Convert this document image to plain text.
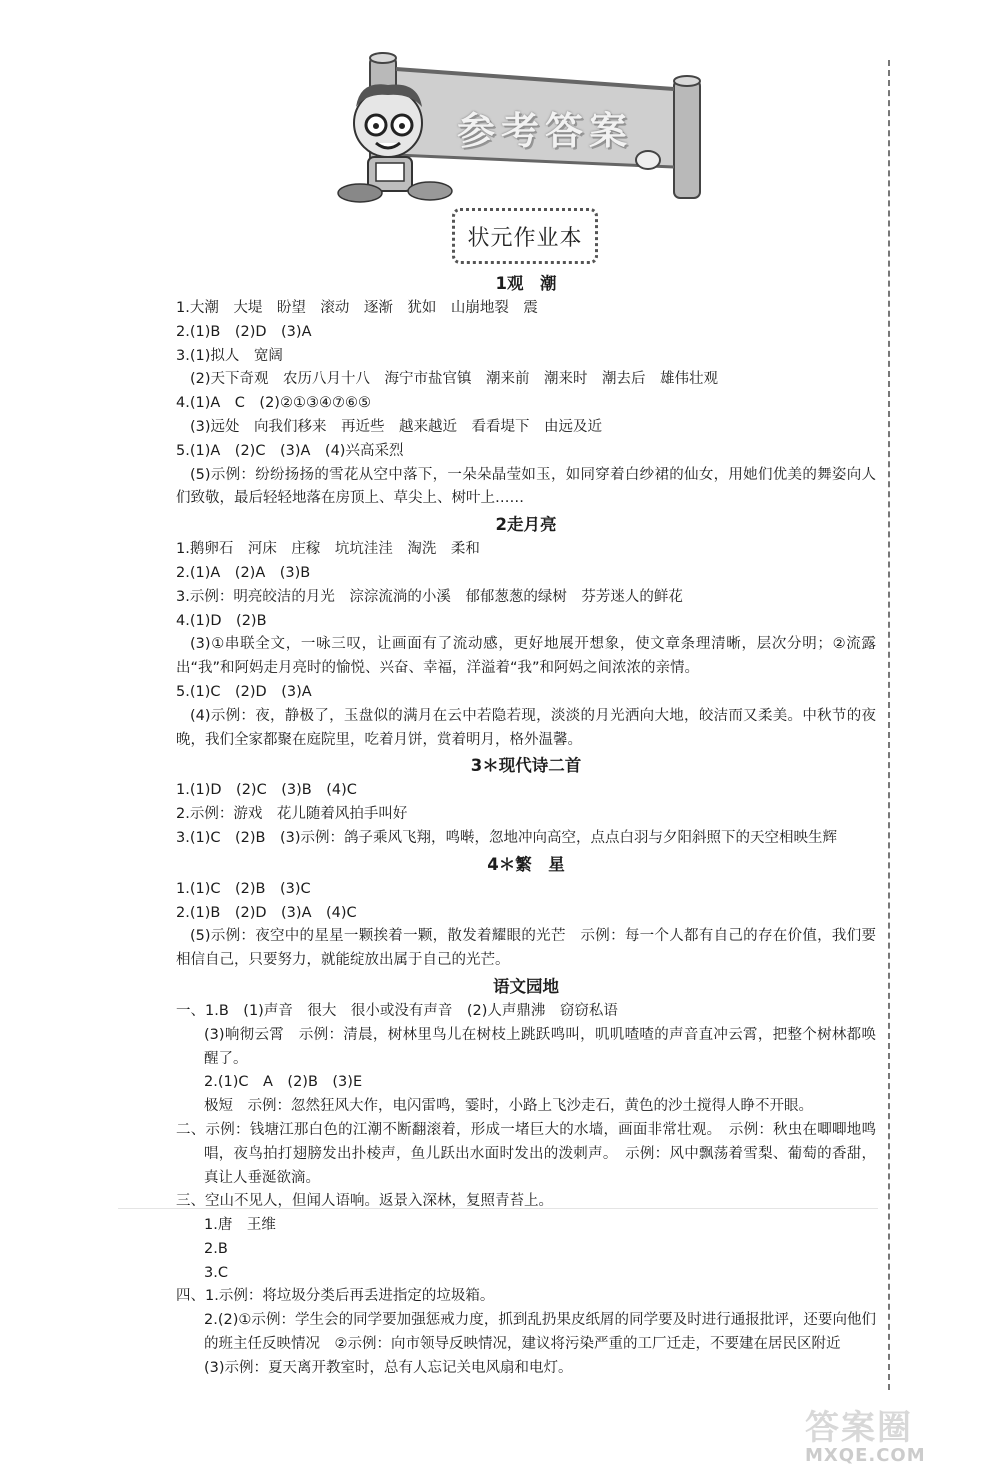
参考答案
状元作业本
1观　潮
1.大潮　大堤　盼望　滚动　逐渐　犹如　山崩地裂　震
2.(1)B　(2)D　(3)A
3.(1)拟人　宽阔
(2)天下奇观　农历八月十八　海宁市盐官镇　潮来前　潮来时　潮去后　雄伟壮观
4.(1)A　C　(2)②①③④⑦⑥⑤
(3)远处　向我们移来　再近些　越来越近　看看堤下　由远及近
5.(1)A　(2)C　(3)A　(4)兴高采烈
(5)示例：纷纷扬扬的雪花从空中落下，一朵朵晶莹如玉，如同穿着白纱裙的仙女，用她们优美的舞姿向人们致敬，最后轻轻地落在房顶上、草尖上、树叶上……
2走月亮
1.鹅卵石　河床　庄稼　坑坑洼洼　淘洗　柔和
2.(1)A　(2)A　(3)B
3.示例：明亮皎洁的月光　淙淙流淌的小溪　郁郁葱葱的绿树　芬芳迷人的鲜花
4.(1)D　(2)B
(3)①串联全文，一咏三叹，让画面有了流动感，更好地展开想象，使文章条理清晰，层次分明；②流露出“我”和阿妈走月亮时的愉悦、兴奋、幸福，洋溢着“我”和阿妈之间浓浓的亲情。
5.(1)C　(2)D　(3)A
(4)示例：夜，静极了，玉盘似的满月在云中若隐若现，淡淡的月光洒向大地，皎洁而又柔美。中秋节的夜晚，我们全家都聚在庭院里，吃着月饼，赏着明月，格外温馨。
3＊现代诗二首
1.(1)D　(2)C　(3)B　(4)C
2.示例：游戏　花儿随着风拍手叫好
3.(1)C　(2)B　(3)示例：鸽子乘风飞翔，鸣啭，忽地冲向高空，点点白羽与夕阳斜照下的天空相映生辉
4＊繁　星
1.(1)C　(2)B　(3)C
2.(1)B　(2)D　(3)A　(4)C
(5)示例：夜空中的星星一颗挨着一颗，散发着耀眼的光芒　示例：每一个人都有自己的存在价值，我们要相信自己，只要努力，就能绽放出属于自己的光芒。
语文园地
一、1.B　(1)声音　很大　很小或没有声音　(2)人声鼎沸　窃窃私语
(3)响彻云霄　示例：清晨，树林里鸟儿在树枝上跳跃鸣叫，叽叽喳喳的声音直冲云霄，把整个树林都唤醒了。
2.(1)C　A　(2)B　(3)E
极短　示例：忽然狂风大作，电闪雷鸣，霎时，小路上飞沙走石，黄色的沙土搅得人睁不开眼。
二、示例：钱塘江那白色的江潮不断翻滚着，形成一堵巨大的水墙，画面非常壮观。　示例：秋虫在唧唧地鸣唱，夜鸟拍打翅膀发出扑棱声，鱼儿跃出水面时发出的泼刺声。　示例：风中飘荡着雪梨、葡萄的香甜，真让人垂涎欲滴。
三、空山不见人，但闻人语响。返景入深林，复照青苔上。
1.唐　王维
2.B
3.C
四、1.示例：将垃圾分类后再丢进指定的垃圾箱。
2.(2)①示例：学生会的同学要加强惩戒力度，抓到乱扔果皮纸屑的同学要及时进行通报批评，还要向他们的班主任反映情况　②示例：向市领导反映情况，建议将污染严重的工厂迁走，不要建在居民区附近
(3)示例：夏天离开教室时，总有人忘记关电风扇和电灯。
答案圈
MXQE.COM
